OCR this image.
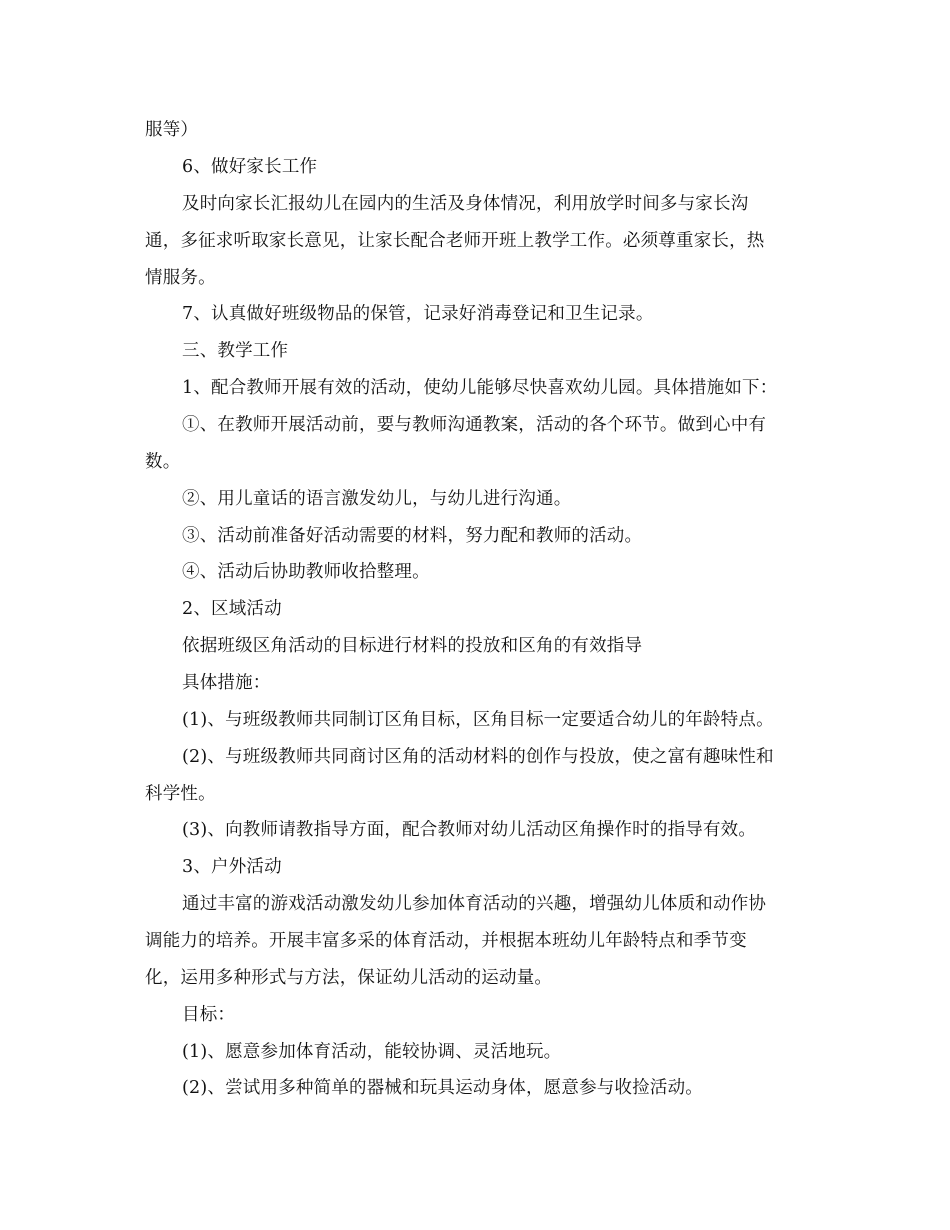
服等）
6、做好家长工作
及时向家长汇报幼儿在园内的生活及身体情况，利用放学时间多与家长沟
通，多征求听取家长意见，让家长配合老师开班上教学工作。必须尊重家长，热
情服务。
7、认真做好班级物品的保管，记录好消毒登记和卫生记录。
三、教学工作
1、配合教师开展有效的活动，使幼儿能够尽快喜欢幼儿园。具体措施如下：
①、在教师开展活动前，要与教师沟通教案，活动的各个环节。做到心中有
数。
②、用儿童话的语言激发幼儿，与幼儿进行沟通。
③、活动前准备好活动需要的材料，努力配和教师的活动。
④、活动后协助教师收拾整理。
2、区域活动
依据班级区角活动的目标进行材料的投放和区角的有效指导
具体措施：
(1)、与班级教师共同制订区角目标，区角目标一定要适合幼儿的年龄特点。
(2)、与班级教师共同商讨区角的活动材料的创作与投放，使之富有趣味性和
科学性。
(3)、向教师请教指导方面，配合教师对幼儿活动区角操作时的指导有效。
3、户外活动
通过丰富的游戏活动激发幼儿参加体育活动的兴趣，增强幼儿体质和动作协
调能力的培养。开展丰富多采的体育活动，并根据本班幼儿年龄特点和季节变
化，运用多种形式与方法，保证幼儿活动的运动量。
目标：
(1)、愿意参加体育活动，能较协调、灵活地玩。
(2)、尝试用多种简单的器械和玩具运动身体，愿意参与收捡活动。
